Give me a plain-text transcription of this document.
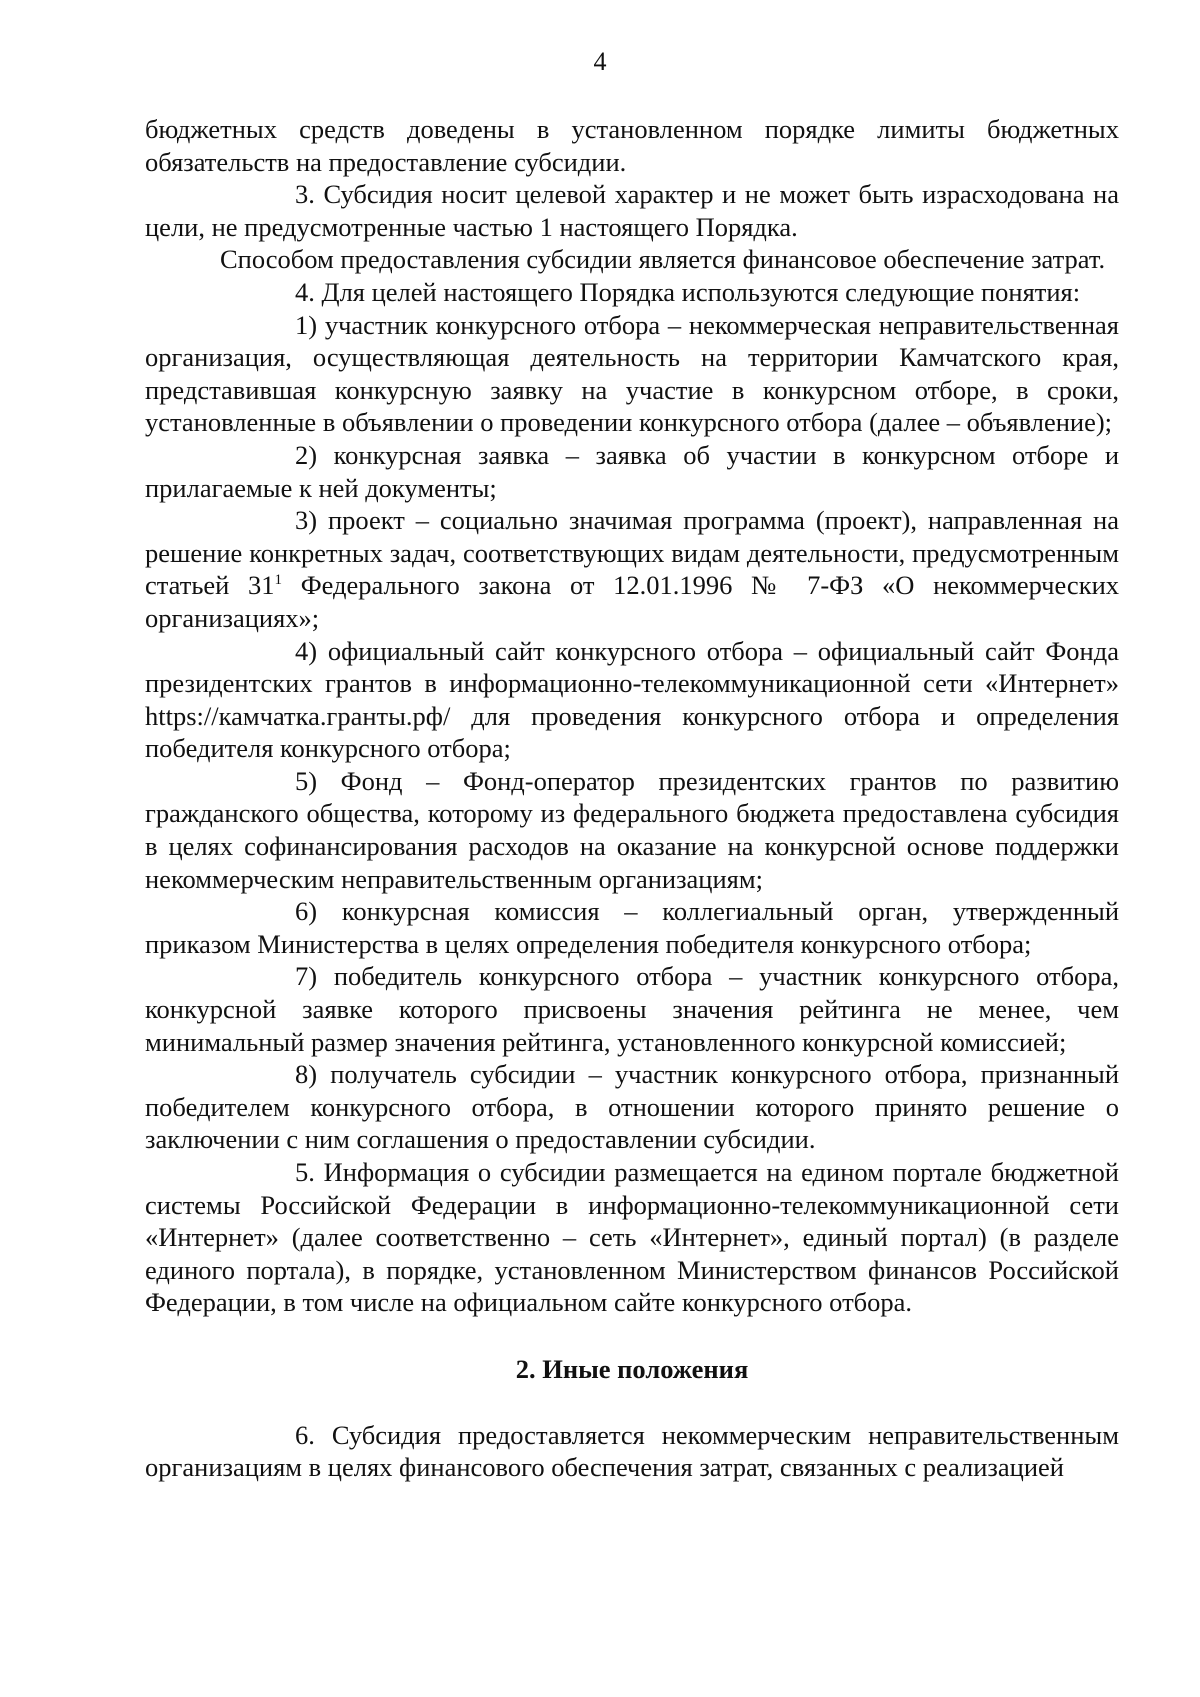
4

бюджетных средств доведены в установленном порядке лимиты бюджетных обязательств на предоставление субсидии.

3. Субсидия носит целевой характер и не может быть израсходована на цели, не предусмотренные частью 1 настоящего Порядка.

Способом предоставления субсидии является финансовое обеспечение затрат.

4. Для целей настоящего Порядка используются следующие понятия:

1) участник конкурсного отбора – некоммерческая неправительственная организация, осуществляющая деятельность на территории Камчатского края, представившая конкурсную заявку на участие в конкурсном отборе, в сроки, установленные в объявлении о проведении конкурсного отбора (далее – объявление);

2) конкурсная заявка – заявка об участии в конкурсном отборе и прилагаемые к ней документы;

3) проект – социально значимая программа (проект), направленная на решение конкретных задач, соответствующих видам деятельности, предусмотренным статьей $31^1$ Федерального закона от 12.01.1996 № 7-ФЗ «О некоммерческих организациях»;

4) официальный сайт конкурсного отбора – официальный сайт Фонда президентских грантов в информационно-телекоммуникационной сети «Интернет» https://камчатка.гранты.рф/ для проведения конкурсного отбора и определения победителя конкурсного отбора;

5) Фонд – Фонд-оператор президентских грантов по развитию гражданского общества, которому из федерального бюджета предоставлена субсидия в целях софинансирования расходов на оказание на конкурсной основе поддержки некоммерческим неправительственным организациям;

6) конкурсная комиссия – коллегиальный орган, утвержденный приказом Министерства в целях определения победителя конкурсного отбора;

7) победитель конкурсного отбора – участник конкурсного отбора, конкурсной заявке которого присвоены значения рейтинга не менее, чем минимальный размер значения рейтинга, установленного конкурсной комиссией;

8) получатель субсидии – участник конкурсного отбора, признанный победителем конкурсного отбора, в отношении которого принято решение о заключении с ним соглашения о предоставлении субсидии.

5. Информация о субсидии размещается на едином портале бюджетной системы Российской Федерации в информационно-телекоммуникационной сети «Интернет» (далее соответственно – сеть «Интернет», единый портал) (в разделе единого портала), в порядке, установленном Министерством финансов Российской Федерации, в том числе на официальном сайте конкурсного отбора.

2. Иные положения

6. Субсидия предоставляется некоммерческим неправительственным организациям в целях финансового обеспечения затрат, связанных с реализацией
